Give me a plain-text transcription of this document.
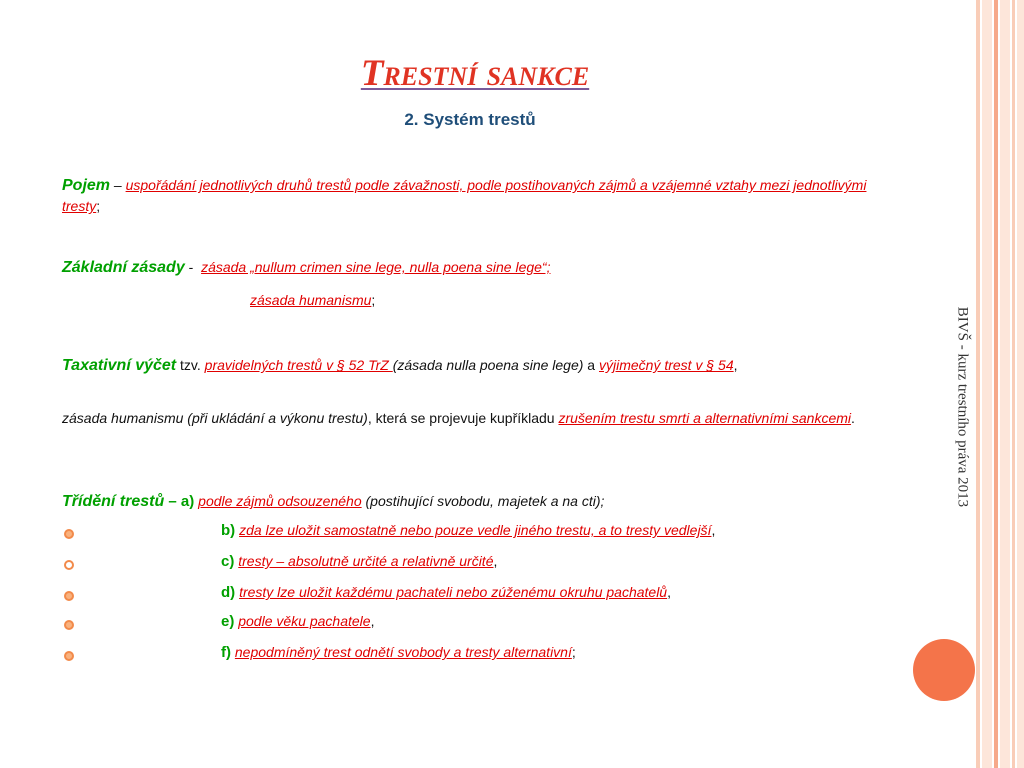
BIVŠ - kurz trestního práva 2013
Trestní sankce
2. Systém trestů
Pojem – uspořádání jednotlivých druhů trestů podle závažnosti, podle postihovaných zájmů a vzájemné vztahy mezi jednotlivými tresty;
Základní zásady -  zásada „nullum crimen sine lege, nulla poena sine lege“;
zásada humanismu;
Taxativní výčet tzv. pravidelných trestů v § 52 TrZ (zásada nulla poena sine lege) a výjimečný trest v § 54,
zásada humanismu (při ukládání a výkonu trestu), která se projevuje kupříkladu zrušením trestu smrti a alternativními sankcemi.
Třídění trestů – a) podle zájmů odsouzeného (postihující svobodu, majetek a na cti);
b) zda lze uložit samostatně nebo pouze vedle jiného trestu, a to tresty vedlejší,
c) tresty – absolutně určité a relativně určité,
d) tresty lze uložit každému pachateli nebo zúženému okruhu pachatelů,
e) podle věku pachatele,
f) nepodmíněný trest odnětí svobody a tresty alternativní;
